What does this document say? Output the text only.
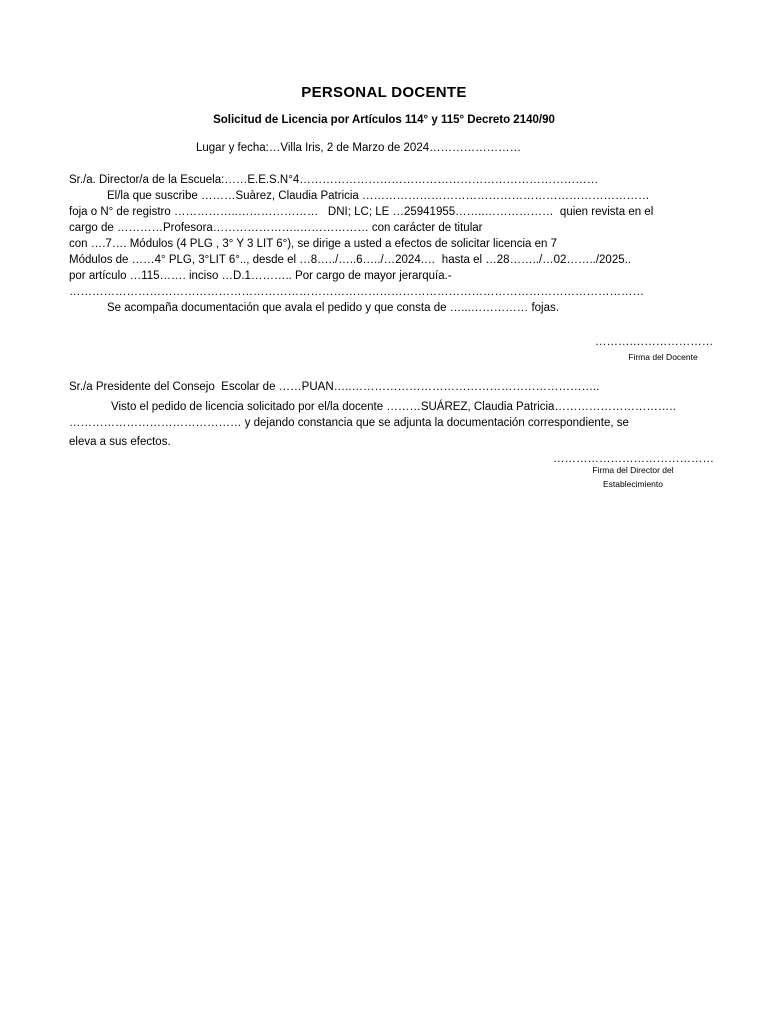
PERSONAL DOCENTE
Solicitud de Licencia por Artículos 114° y 115° Decreto 2140/90
Lugar y fecha:…Villa Iris, 2 de Marzo de 2024……………………
Sr./a. Director/a de la Escuela:……E.E.S.N°4……………………………………………………………………
El/la que suscribe ………Suàrez, Claudia Patricia …………………………………………………………………
foja o N° de registro ……………..…………………   DNI; LC; LE …25941955……..………………  quien revista en el
cargo de …………Profesora…………………..……………… con carácter de titular
con ….7…. Módulos (4 PLG , 3° Y 3 LIT 6°), se dirige a usted a efectos de solicitar licencia en 7
Módulos de ……4° PLG, 3°LIT 6°.., desde el …8…../…..6…../…2024.…  hasta el …28……../…02……../2025..
por artículo …115……. inciso …D.1……….. Por cargo de mayor jerarquía.-
……………………………………………………………………………………………………………………………………
Se acompaña documentación que avala el pedido y que consta de …...…………… fojas.
……….…………………
Firma del Docente
Sr./a Presidente del Consejo  Escolar de ……PUAN…..………………………………………………………..
Visto el pedido de licencia solicitado por el/la docente ………SUÁREZ, Claudia Patricia…………………………..
……………………………………… y dejando constancia que se adjunta la documentación correspondiente, se
eleva a sus efectos.
……………………………………
Firma del Director del
Establecimiento
